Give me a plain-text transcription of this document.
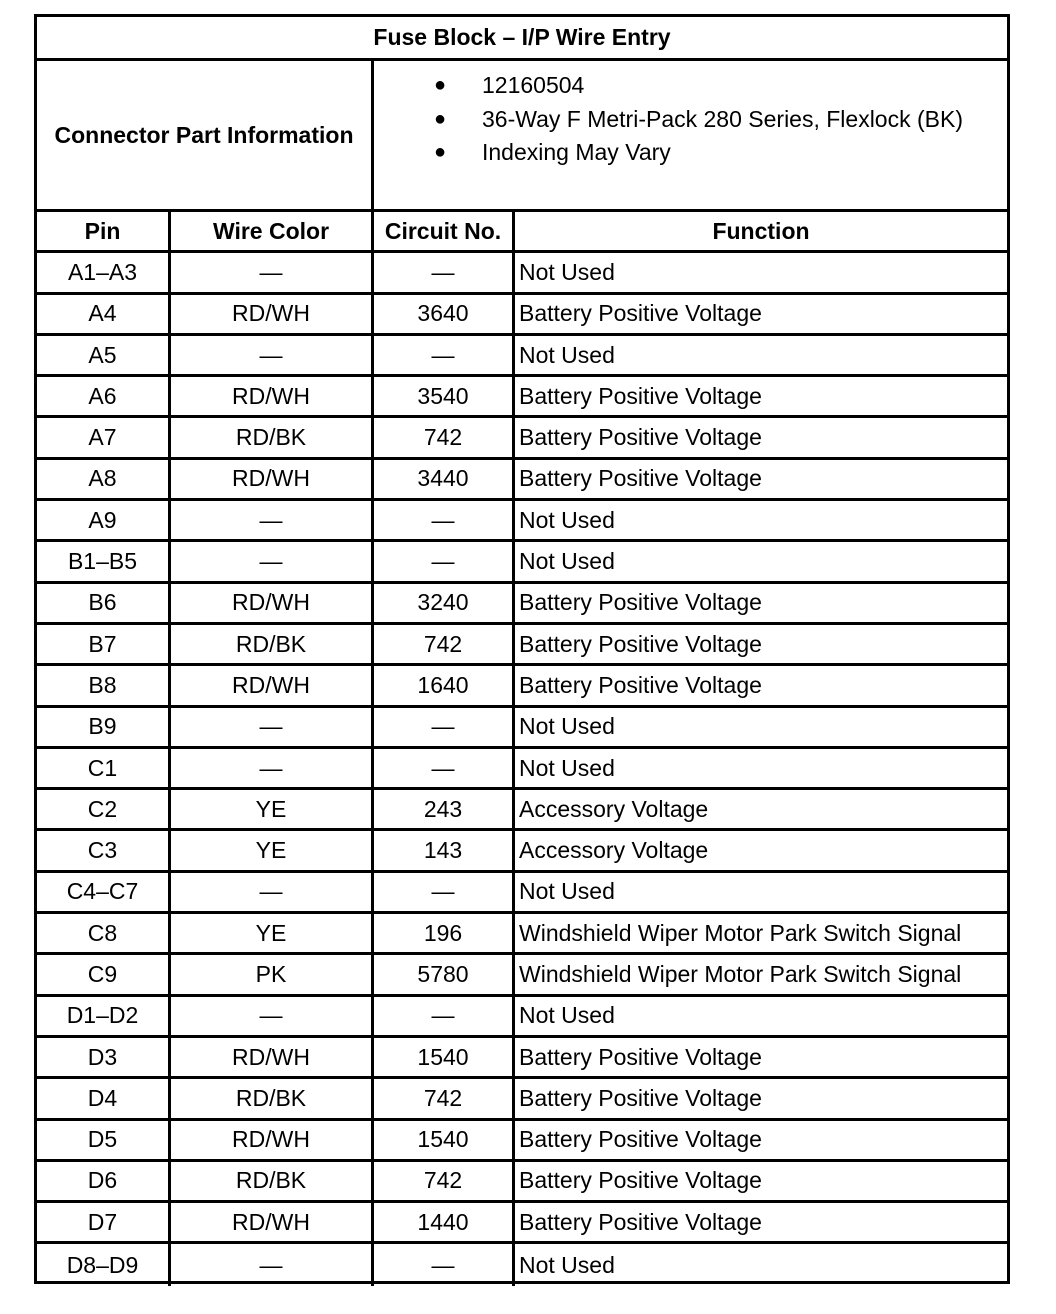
Fuse Block – I/P Wire Entry
Connector Part Information
●	12160504
●	36-Way F Metri-Pack 280 Series, Flexlock (BK)
●	Indexing May Vary
Pin	Wire Color	Circuit No.	Function
A1–A3	—	—	Not Used
A4	RD/WH	3640	Battery Positive Voltage
A5	—	—	Not Used
A6	RD/WH	3540	Battery Positive Voltage
A7	RD/BK	742	Battery Positive Voltage
A8	RD/WH	3440	Battery Positive Voltage
A9	—	—	Not Used
B1–B5	—	—	Not Used
B6	RD/WH	3240	Battery Positive Voltage
B7	RD/BK	742	Battery Positive Voltage
B8	RD/WH	1640	Battery Positive Voltage
B9	—	—	Not Used
C1	—	—	Not Used
C2	YE	243	Accessory Voltage
C3	YE	143	Accessory Voltage
C4–C7	—	—	Not Used
C8	YE	196	Windshield Wiper Motor Park Switch Signal
C9	PK	5780	Windshield Wiper Motor Park Switch Signal
D1–D2	—	—	Not Used
D3	RD/WH	1540	Battery Positive Voltage
D4	RD/BK	742	Battery Positive Voltage
D5	RD/WH	1540	Battery Positive Voltage
D6	RD/BK	742	Battery Positive Voltage
D7	RD/WH	1440	Battery Positive Voltage
D8–D9	—	—	Not Used
